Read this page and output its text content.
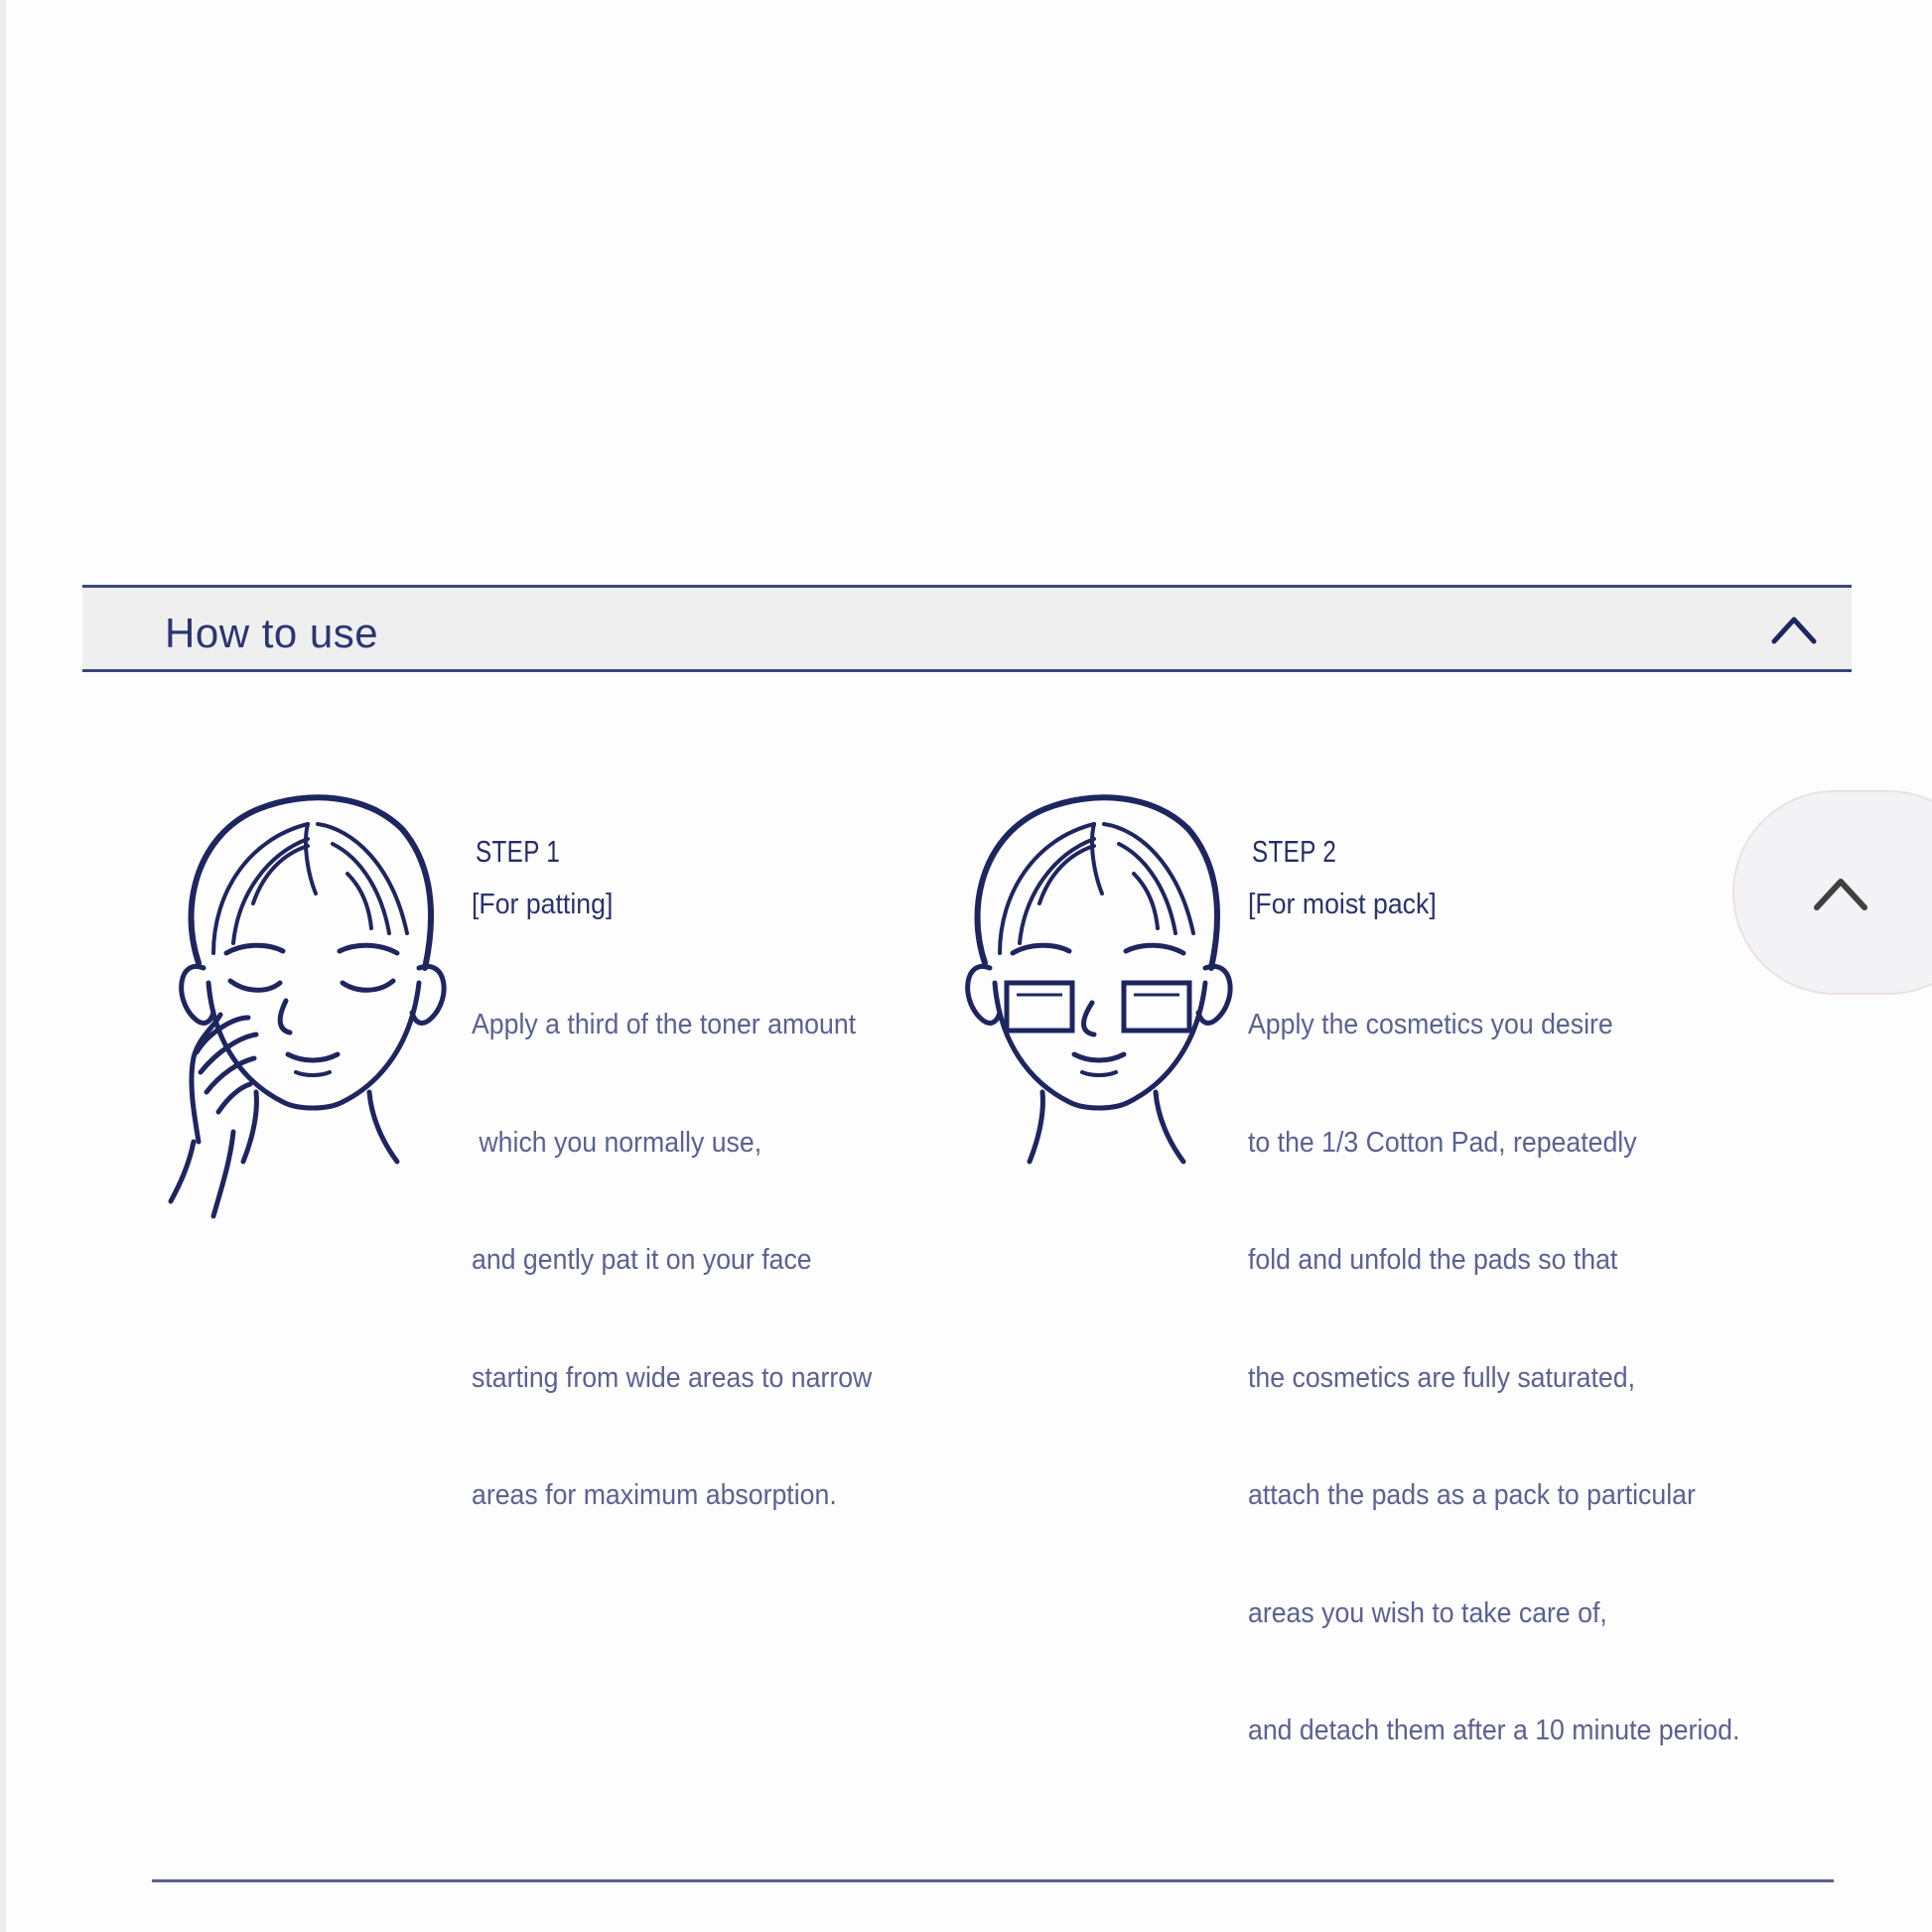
How to use
STEP 1
[For patting]

Apply a third of the toner amount

which you normally use,

and gently pat it on your face

starting from wide areas to narrow

areas for maximum absorption.

STEP 2
[For moist pack]

Apply the cosmetics you desire

to the 1/3 Cotton Pad, repeatedly

fold and unfold the pads so that

the cosmetics are fully saturated,

attach the pads as a pack to particular

areas you wish to take care of,

and detach them after a 10 minute period.
